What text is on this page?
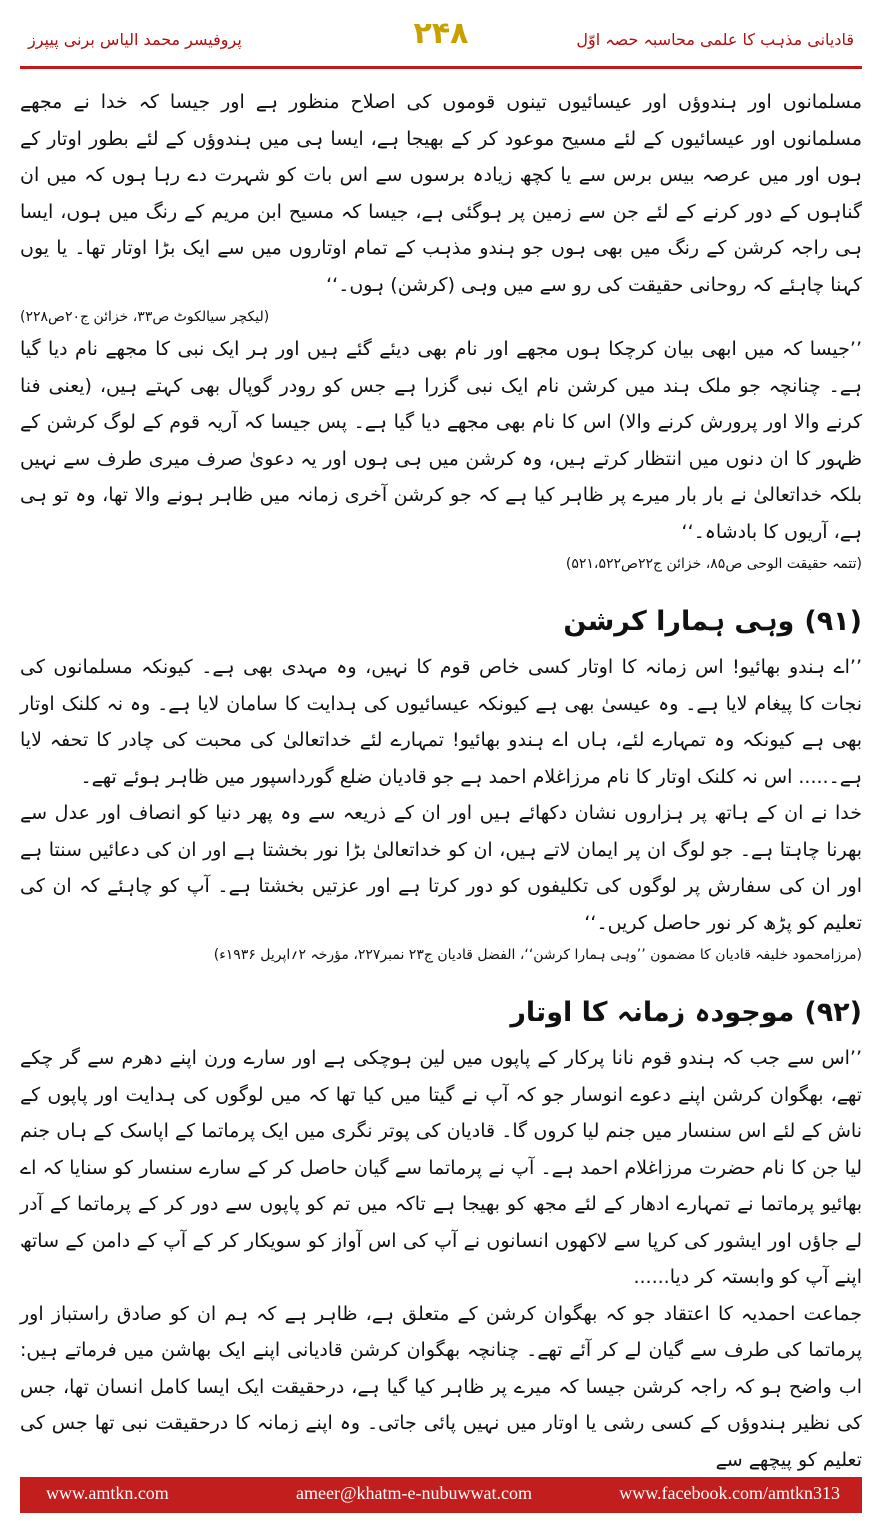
پروفیسر محمد الیاس برنی پیپرز	۲۴۸	قادیانی مذہب کا علمی محاسبہ حصہ اوّل

مسلمانوں اور ہندوؤں اور عیسائیوں تینوں قوموں کی اصلاح منظور ہے اور جیسا کہ خدا نے مجھے مسلمانوں اور عیسائیوں کے لئے مسیح موعود کر کے بھیجا ہے، ایسا ہی میں ہندوؤں کے لئے بطور اوتار کے ہوں اور میں عرصہ بیس برس سے یا کچھ زیادہ برسوں سے اس بات کو شہرت دے رہا ہوں کہ میں ان گناہوں کے دور کرنے کے لئے جن سے زمین پر ہوگئی ہے، جیسا کہ مسیح ابن مریم کے رنگ میں ہوں، ایسا ہی راجہ کرشن کے رنگ میں بھی ہوں جو ہندو مذہب کے تمام اوتاروں میں سے ایک بڑا اوتار تھا۔ یا یوں کہنا چاہئے کہ روحانی حقیقت کی رو سے میں وہی (کرشن) ہوں۔‘‘

(لیکچر سیالکوٹ ص۳۳، خزائن ج۲۰ص۲۲۸)

’’جیسا کہ میں ابھی بیان کرچکا ہوں مجھے اور نام بھی دیئے گئے ہیں اور ہر ایک نبی کا مجھے نام دیا گیا ہے۔ چنانچہ جو ملک ہند میں کرشن نام ایک نبی گزرا ہے جس کو رودر گوپال بھی کہتے ہیں، (یعنی فنا کرنے والا اور پرورش کرنے والا) اس کا نام بھی مجھے دیا گیا ہے۔ پس جیسا کہ آریہ قوم کے لوگ کرشن کے ظہور کا ان دنوں میں انتظار کرتے ہیں، وہ کرشن میں ہی ہوں اور یہ دعویٰ صرف میری طرف سے نہیں بلکہ خداتعالیٰ نے بار بار میرے پر ظاہر کیا ہے کہ جو کرشن آخری زمانہ میں ظاہر ہونے والا تھا، وہ تو ہی ہے، آریوں کا بادشاہ۔‘‘

(تتمہ حقیقت الوحی ص۸۵، خزائن ج۲۲ص۵۲۱،۵۲۲)

(۹۱)وہی ہمارا کرشن

’’اے ہندو بھائیو! اس زمانہ کا اوتار کسی خاص قوم کا نہیں، وہ مہدی بھی ہے۔ کیونکہ مسلمانوں کی نجات کا پیغام لایا ہے۔ وہ عیسیٰ بھی ہے کیونکہ عیسائیوں کی ہدایت کا سامان لایا ہے۔ وہ نہ کلنک اوتار بھی ہے کیونکہ وہ تمہارے لئے، ہاں اے ہندو بھائیو! تمہارے لئے خداتعالیٰ کی محبت کی چادر کا تحفہ لایا ہے۔..... اس نہ کلنک اوتار کا نام مرزاغلام احمد ہے جو قادیان ضلع گورداسپور میں ظاہر ہوئے تھے۔

خدا نے ان کے ہاتھ پر ہزاروں نشان دکھائے ہیں اور ان کے ذریعہ سے وہ پھر دنیا کو انصاف اور عدل سے بھرنا چاہتا ہے۔ جو لوگ ان پر ایمان لاتے ہیں، ان کو خداتعالیٰ بڑا نور بخشتا ہے اور ان کی دعائیں سنتا ہے اور ان کی سفارش پر لوگوں کی تکلیفوں کو دور کرتا ہے اور عزتیں بخشتا ہے۔ آپ کو چاہئے کہ ان کی تعلیم کو پڑھ کر نور حاصل کریں۔‘‘

(مرزامحمود خلیفہ قادیان کا مضمون ’’وہی ہمارا کرشن‘‘، الفضل قادیان ج۲۳ نمبر۲۲۷، مؤرخہ ۲؍اپریل ۱۹۳۶ء)

(۹۲)موجودہ زمانہ کا اوتار

’’اس سے جب کہ ہندو قوم نانا پرکار کے پاپوں میں لین ہوچکی ہے اور سارے ورن اپنے دھرم سے گر چکے تھے، بھگوان کرشن اپنے دعوے انوسار جو کہ آپ نے گیتا میں کیا تھا کہ میں لوگوں کی ہدایت اور پاپوں کے ناش کے لئے اس سنسار میں جنم لیا کروں گا۔ قادیان کی پوتر نگری میں ایک پرماتما کے اپاسک کے ہاں جنم لیا جن کا نام حضرت مرزاغلام احمد ہے۔ آپ نے پرماتما سے گیان حاصل کر کے سارے سنسار کو سنایا کہ اے بھائیو پرماتما نے تمہارے ادھار کے لئے مجھ کو بھیجا ہے تاکہ میں تم کو پاپوں سے دور کر کے پرماتما کے آدر لے جاؤں اور ایشور کی کرپا سے لاکھوں انسانوں نے آپ کی اس آواز کو سویکار کر کے آپ کے دامن کے ساتھ اپنے آپ کو وابستہ کر دیا......

جماعت احمدیہ کا اعتقاد جو کہ بھگوان کرشن کے متعلق ہے، ظاہر ہے کہ ہم ان کو صادق راستباز اور پرماتما کی طرف سے گیان لے کر آئے تھے۔ چنانچہ بھگوان کرشن قادیانی اپنے ایک بھاشن میں فرماتے ہیں: اب واضح ہو کہ راجہ کرشن جیسا کہ میرے پر ظاہر کیا گیا ہے، درحقیقت ایک ایسا کامل انسان تھا، جس کی نظیر ہندوؤں کے کسی رشی یا اوتار میں نہیں پائی جاتی۔ وہ اپنے زمانہ کا درحقیقت نبی تھا جس کی تعلیم کو پیچھے سے

www.amtkn.com	ameer@khatm-e-nubuwwat.com	www.facebook.com/amtkn313
